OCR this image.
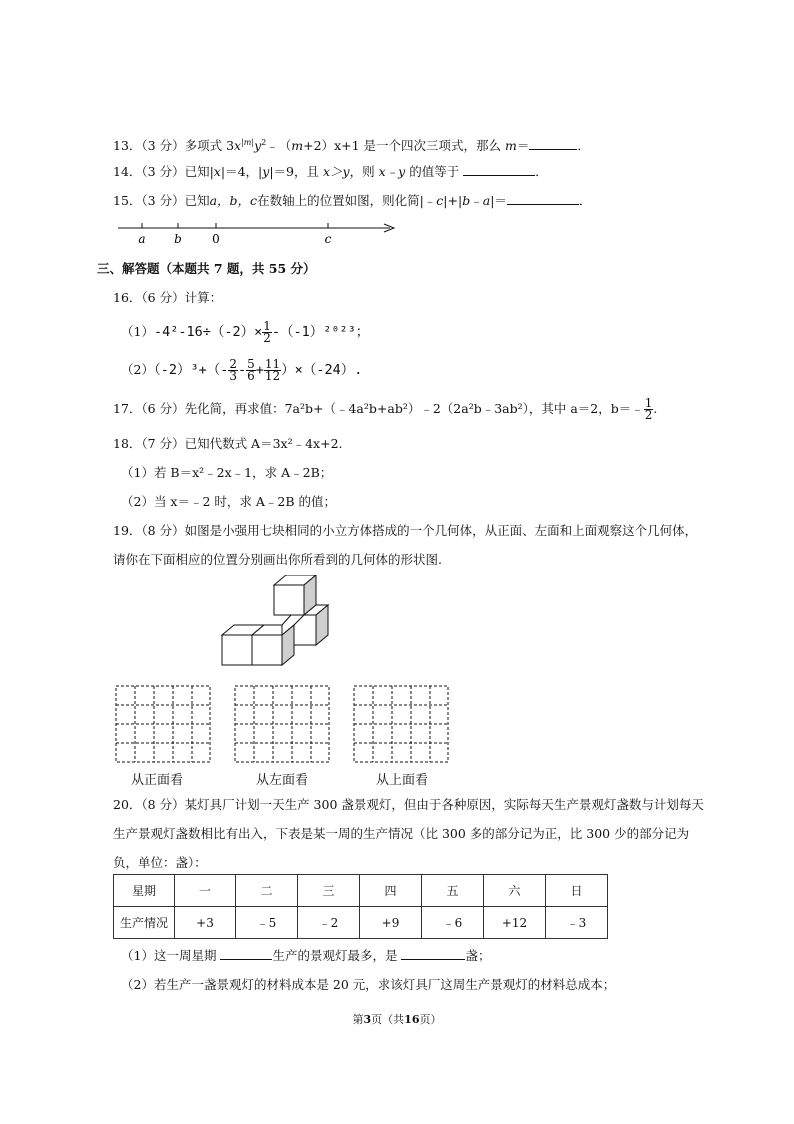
13．（3 分）多项式 $3x^{|m|}y^2﹣(m+2)x+1$ 是一个四次三项式，那么 m＝	．
14．（3 分）已知|x|＝4，|y|＝9，且 x＞y，则 x﹣y 的值等于	．
15．（3 分）已知a，b，c在数轴上的位置如图，则化简|﹣c|+|b﹣a|＝	．
a b	0	c
三、解答题（本题共 7 题，共 55 分）
16．（6 分）计算：
$(1)-4^2-16\div(-2)\times \frac{1}{2} -(-1)^{2023}$；
$(2)(-2)^3+(- \frac{2}{3} - \frac{5}{6} + \frac{11}{12} )\times(-24)$.
17．（6 分）先化简，再求值：7a²b+（﹣4a²b+ab²）﹣2（2a²b﹣3ab²），其中 a＝2，b＝﹣ $\frac{1}{2}$ .
18．（7 分）已知代数式 A＝3x²﹣4x+2.
（1）若 B＝x²﹣2x﹣1，求 A﹣2B；
（2）当 x＝﹣2 时，求 A﹣2B 的值；
19．（8 分）如图是小强用七块相同的小立方体搭成的一个几何体，从正面、左面和上面观察这个几何体，
请你在下面相应的位置分别画出你所看到的几何体的形状图.
从正面看	从左面看	从上面看
20．（8 分）某灯具厂计划一天生产 300 盏景观灯，但由于各种原因，实际每天生产景观灯盏数与计划每天
生产景观灯盏数相比有出入，下表是某一周的生产情况（比 300 多的部分记为正，比 300 少的部分记为
负，单位：盏）：
星期	一	二	三	四	五	六	日
生产情况	+3	﹣5	﹣2	+9	﹣6	+12	﹣3
（1）这一周星期	生产的景观灯最多，是	盏；
（2）若生产一盏景观灯的材料成本是 20 元，求该灯具厂这周生产景观灯的材料总成本；
第3页（共16页）
